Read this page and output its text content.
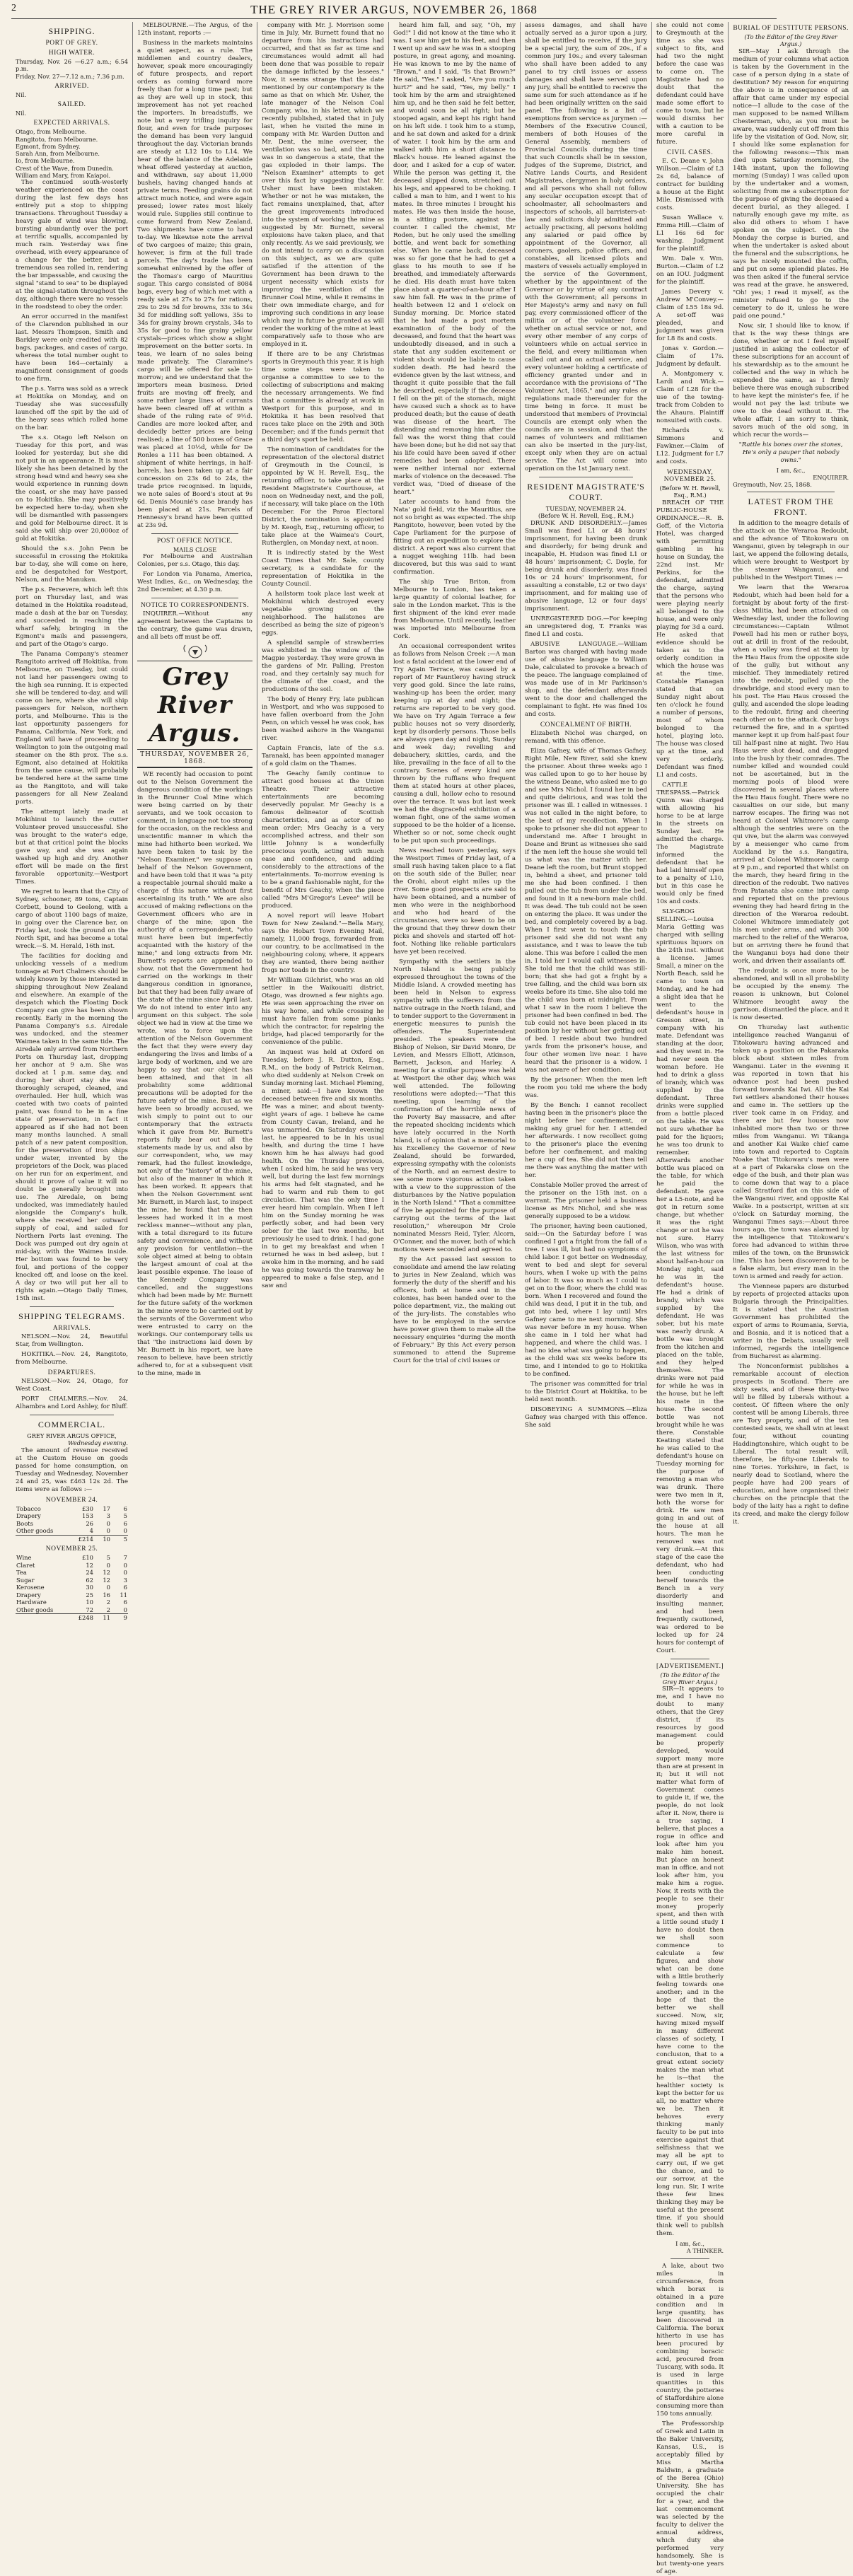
2	THE GREY RIVER ARGUS, NOVEMBER 26, 1868
SHIPPING.
PORT OF GREY.
HIGH WATER.

Thursday, Nov. 26 —6.27 a.m.; 6.54 p.m.

Friday, Nov. 27—7.12 a.m.; 7.36 p.m.

ARRIVED.

Nil.

SAILED.

Nil.

EXPECTED ARRIVALS.

Otago, from Melbourne.

Rangitoto, from Melbourne.

Egmont, from Sydney.

Sarah Ann, from Melbourne.

Io, from Melbourne.

Crest of the Wave, from Dunedin.

William and Mary, from Kaiapoi.

The continued south-westerly weather experienced on the coast during the last few days has entirely put a stop to shipping transactions. Throughout Tuesday a heavy gale of wind was blowing, bursting abundantly over the port at terrific squalls, accompanied by much rain. Yesterday was fine overhead, with every appearance of a change for the better, but a tremendous sea rolled in, rendering the bar impassable, and causing the signal "stand to sea" to be displayed at the signal-station throughout the day, although there were no vessels in the roadstead to obey the order.

An error occurred in the manifest of the Clarendon published in our last. Messrs Thompson, Smith and Barkley were only credited with 82 bags, packages, and cases of cargo, whereas the total number ought to have been 164—certainly a magnificent consignment of goods to one firm.

The p.s. Yarra was sold as a wreck at Hokitika on Monday, and on Tuesday she was successfully launched off the spit by the aid of the heavy seas which rolled home on the bar.

The s.s. Otago left Nelson on Tuesday for this port, and was looked for yesterday, but she did not put in an appearance. It is most likely she has been detained by the strong head wind and heavy sea she would experience in running down the coast, or she may have passed on to Hokitika. She may positively be expected here to-day, when she will be dismantled with passengers and gold for Melbourne direct. It is said she will ship over 20,000oz of gold at Hokitika.

Should the s.s. John Penn be successful in crossing the Hokitika bar to-day, she will come on here, and be despatched for Westport, Nelson, and the Manukau.

The p.s. Persevere, which left this port on Thursday last, and was detained in the Hokitika roadstead, made a dash at the bar on Tuesday, and succeeded in reaching the wharf safely, bringing in the Egmont's mails and passengers, and part of the Otago's cargo.

The Panama Company's steamer Rangitoto arrived off Hokitika, from Melbourne, on Tuesday, but could not land her passengers owing to the high sea running. It is expected she will be tendered to-day, and will come on here, where she will ship passengers for Nelson, northern ports, and Melbourne. This is the last opportunity passengers for Panama, California, New York, and England will have of proceeding to Wellington to join the outgoing mail steamer on the 8th prox. The s.s. Egmont, also detained at Hokitika from the same cause, will probably be tendered here at the same time as the Rangitoto, and will take passengers for all New Zealand ports.

The attempt lately made at Mokihinui to launch the cutter Volunteer proved unsuccessful. She was brought to the water's edge, but at that critical point the blocks gave way, and she was again washed up high and dry. Another effort will be made on the first favorable opportunity.—Westport Times.

We regret to learn that the City of Sydney, schooner, 89 tons, Captain Corbett, bound to Geelong, with a cargo of about 1100 bags of maize, in going over the Clarence bar, on Friday last, took the ground on the North Spit, and has become a total wreck.—S. M. Herald, 16th inst.

The facilities for docking and unlocking vessels of a medium tonnage at Port Chalmers should be widely known by those interested in shipping throughout New Zealand and elsewhere. An example of the despatch which the Floating Dock Company can give has been shown recently. Early in the morning the Panama Company's s.s. Airedale was undocked, and the steamer Waimea taken in the same tide. The Airedale only arrived from Northern Ports on Thursday last, dropping her anchor at 9 a.m. She was docked at 1 p.m. same day, and during her short stay she was thoroughly scraped, cleaned, and overhauled. Her hull, which was coated with two coats of painted paint, was found to be in a fine state of preservation, in fact it appeared as if she had not been many months launched. A small patch of a new patent composition, for the preservation of iron ships under water, invented by the proprietors of the Dock, was placed on her run for an experiment, and should it prove of value it will no doubt be generally brought into use. The Airedale, on being undocked, was immediately hauled alongside the Company's hulk, where she received her outward supply of coal, and sailed for Northern Ports last evening. The Dock was pumped out dry again at mid-day, with the Waimea inside. Her bottom was found to be very foul, and portions of the copper knocked off, and loose on the keel. A day or two will put her all to rights again.—Otago Daily Times, 15th inst.

SHIPPING TELEGRAMS.
ARRIVALS.

NELSON.—Nov. 24, Beautiful Star, from Wellington.

HOKITIKA.—Nov. 24, Rangitoto, from Melbourne.

DEPARTURES.

NELSON.—Nov. 24, Otago, for West Coast.

PORT CHALMERS.—Nov. 24, Alhambra and Lord Ashley, for Bluff.

COMMERCIAL.

GREY RIVER ARGUS OFFICE,

Wednesday evening.

The amount of revenue received at the Custom House on goods passed for home consumption, on Tuesday and Wednesday, November 24 and 25, was £463 12s 2d. The items were as follows :—

NOVEMBER 24.
Tobacco	£30	17	6
Drapery	153	3	5
Boots	26	0	6
Other goods	4	0	0
	£214	10	5
NOVEMBER 25.
Wine	£10	5	7
Claret	12	0	0
Tea	24	12	0
Sugar	62	12	3
Kerosene	30	0	6
Drapery	25	16	11
Hardware	10	2	6
Other goods	72	2	0
	£248	11	9

MELBOURNE.—The Argus, of the 12th instant, reports :—

Business in the markets maintains a quiet aspect, as a rule. The middlemen and country dealers, however, speak more encouragingly of future prospects, and report orders as coming forward more freely than for a long time past; but as they are well up in stock, this improvement has not yet reached the importers. In breadstuffs, we note but a very trifling inquiry for flour, and even for trade purposes the demand has been very languid throughout the day. Victorian brands are steady at L12 10s to L14. We hear of the balance of the Adelaide wheat offered yesterday at auction, and withdrawn, say about 11,000 bushels, having changed hands at private terms. Feeding grains do not attract much notice, and were again pressed; lower rates most likely would rule. Supplies still continue to come forward from New Zealand. Two shipments have come to hand to-day. We likewise note the arrival of two cargoes of maize; this grain, however, is firm at the full trade parcels. The day's trade has been somewhat enlivened by the offer of the Thomas's cargo of Mauritius sugar. This cargo consisted of 8084 bags, every bag of which met with a ready sale at 27s to 27s for rations, 29s to 29s 3d for browns, 33s to 34s 3d for middling soft yellows, 35s to 34s for grainy brown crystals, 34s to 35s for good to fine grainy yellow crystals—prices which show a slight improvement on the better sorts. In teas, we learn of no sales being made privately. The Claramine's cargo will be offered for sale to-morrow; and we understand that the importers mean business. Dried fruits are moving off freely, and some rather large lines of currants have been cleared off at within a shade of the ruling rate of 9½d. Candles are more looked after, and decidedly better prices are being realised; a line of 500 boxes of Grace was placed at 10½d, while for De Ronles a 111 has been obtained. A shipment of white herrings, in half-barrels, has been taken up at a fair concession on 23s 6d to 24s, the trade price recognised. In liquids, we note sales of Boord's stout at 9s 6d. Denis Mounié's case brandy has been placed at 21s. Parcels of Hennessy's brand have been quitted at 23s 9d.

POST OFFICE NOTICE.

MAILS CLOSE

For Melbourne and Australian Colonies, per s.s. Otago, this day.

For London via Panama, America, West Indies, &c., on Wednesday, the 2nd December, at 4.30 p.m.

NOTICE TO CORRESPONDENTS.

INQUIRER.—Without any agreement between the Captains to the contrary, the game was drawn, and all bets off must be off.

Grey River Argus.
THURSDAY, NOVEMBER 26, 1868.

WE recently had occasion to point out to the Nelson Government the dangerous condition of the workings in the Brunner Coal Mine which were being carried on by their servants, and we took occasion to comment, in language not too strong for the occasion, on the reckless and unscientific manner in which the mine had hitherto been worked. We have been taken to task by the "Nelson Examiner," we suppose on behalf of the Nelson Government, and have been told that it was "a pity a respectable journal should make a charge of this nature without first ascertaining its truth." We are also accused of making reflections on the Government officers who are in charge of the mine; upon the authority of a correspondent, "who must have been but imperfectly acquainted with the history of the mine;" and long extracts from Mr. Burnett's reports are appended to show, not that the Government had carried on the workings in their dangerous condition in ignorance, but that they had been fully aware of the state of the mine since April last. We do not intend to enter into any argument on this subject. The sole object we had in view at the time we wrote, was to force upon the attention of the Nelson Government the fact that they were every day endangering the lives and limbs of a large body of workmen, and we are happy to say that our object has been attained, and that in all probability some additional precautions will be adopted for the future safety of the mine. But as we have been so broadly accused, we wish simply to point out to our contemporary that the extracts which it gave from Mr. Burnett's reports fully bear out all the statements made by us, and also by our correspondent, who, we may remark, had the fullest knowledge, not only of the "history" of the mine, but also of the manner in which it has been worked. It appears that when the Nelson Government sent Mr. Burnett, in March last, to inspect the mine, he found that the then lessees had worked it in a most reckless manner—without any plan, with a total disregard to its future safety and convenience, and without any provision for ventilation—the sole object aimed at being to obtain the largest amount of coal at the least possible expense. The lease of the Kennedy Company was cancelled, and the suggestions which had been made by Mr. Burnett for the future safety of the workmen in the mine were to be carried out by the servants of the Government who were entrusted to carry on the workings. Our contemporary tells us that "the instructions laid down by Mr. Burnett in his report, we have reason to believe, have been strictly adhered to, for at a subsequent visit to the mine, made in

company with Mr. J. Morrison some time in July, Mr. Burnett found that no departure from his instructions had occurred, and that as far as time and circumstances would admit all had been done that was possible to repair the damage inflicted by the lessees." Now, it seems strange that the date mentioned by our contemporary is the same as that on which Mr. Usher, the late manager of the Nelson Coal Company, who, in his letter, which we recently published, stated that in July last, when he visited the mine in company with Mr. Warden Dutton and Mr. Dent, the mine overseer, the ventilation was so bad, and the mine was in so dangerous a state, that the gas exploded in their lamps. The "Nelson Examiner" attempts to get over this fact by suggesting that Mr. Usher must have been mistaken. Whether or not he was mistaken, the fact remains unexplained, that, after the great improvements introduced into the system of working the mine as suggested by Mr. Burnett, several explosions have taken place, and that only recently. As we said previously, we do not intend to carry on a discussion on this subject, as we are quite satisfied if the attention of the Government has been drawn to the urgent necessity which exists for improving the ventilation of the Brunner Coal Mine, while it remains in their own immediate charge, and for improving such conditions in any lease which may in future be granted as will render the working of the mine at least comparatively safe to those who are employed in it.

If there are to be any Christmas sports in Greymouth this year, it is high time some steps were taken to organise a committee to see to the collecting of subscriptions and making the necessary arrangements. We find that a committee is already at work in Westport for this purpose, and in Hokitika it has been resolved that races take place on the 29th and 30th December; and if the funds permit that a third day's sport be held.

The nomination of candidates for the representation of the electoral district of Greymouth in the Council, is appointed by W. H. Revell, Esq., the returning officer, to take place at the Resident Magistrate's Courthouse, at noon on Wednesday next, and the poll, if necessary, will take place on the 10th December. For the Paroa Electoral District, the nomination is appointed by M. Keogh, Esq., returning officer, to take place at the Waimea's Court, Rutherglen, on Monday next, at noon.

It is indirectly stated by the West Coast Times that Mr. Sale, county secretary, is a candidate for the representation of Hokitika in the County Council.

A hailstorm took place last week at Mokihinui which destroyed every vegetable growing on the neighborhood. The hailstones are described as being the size of pigeon's eggs.

A splendid sample of strawberries was exhibited in the window of the Magpie yesterday. They were grown in the gardens of Mr. Palling, Preston road, and they certainly say much for the climate of the coast, and the productions of the soil.

The body of Henry Fry, late publican in Westport, and who was supposed to have fallen overboard from the John Penn, on which vessel he was cook, has been washed ashore in the Wanganui river.

Captain Francis, late of the s.s. Taranaki, has been appointed manager of a gold claim on the Thames.

The Geachy family continue to attract good houses at the Union Theatre. Their attractive entertainments are becoming deservedly popular. Mr Geachy is a famous delineator of Scottish characteristics, and as actor of no mean order; Mrs Geachy is a very accomplished actress, and their son little Johnny is a wonderfully precocious youth, acting with much ease and confidence, and adding considerably to the attractions of the entertainments. To-morrow evening is to be a grand fashionable night, for the benefit of Mrs Geachy, when the piece called "Mrs M'Gregor's Levee" will be produced.

A novel report will leave Hobart Town for New Zealand."—Bella Mary, says the Hobart Town Evening Mail, namely, 11,000 frogs, forwarded from our country, to be acclimatised in the neighbouring colony, where, it appears they are wanted, there being neither frogs nor toads in the country.

Mr William Gilchrist, who was an old settler in the Waikouaiti district, Otago, was drowned a few nights ago. He was seen approaching the river on his way home, and while crossing he must have fallen from some planks which the contractor, for repairing the bridge, had placed temporarily for the convenience of the public.

An inquest was held at Oxford on Tuesday, before J. R. Dutton, Esq., R.M., on the body of Patrick Keirnan, who died suddenly at Nelson Creek on Sunday morning last. Michael Fleming, a miner, said:—I have known the deceased between five and six months. He was a miner, and about twenty-eight years of age. I believe he came from County Cavan, Ireland, and he was unmarried. On Saturday evening last, he appeared to be in his usual health, and during the time I have known him he has always had good health. On the Thursday previous, when I asked him, he said he was very well, but during the last few mornings his arms had felt stagnated, and he had to warm and rub them to get circulation. That was the only time I ever heard him complain. When I left him on the Sunday morning he was perfectly sober, and had been very sober for the last two months, but previously he used to drink. I had gone in to get my breakfast and when I returned he was in bed asleep, but I awoke him in the morning, and he said he was going towards the tramway he appeared to make a false step, and I saw and

heard him fall, and say, "Oh, my God!" I did not know at the time who it was. I saw him get to his feet, and then I went up and saw he was in a stooping posture, in great agony, and moaning. He was known to me by the name of "Brown," and I said, "Is that Brown?" He said, "Yes." I asked, "Are you much hurt?" and he said, "Yes, my belly." I took him by the arm and straightened him up, and he then said he felt better, and would soon be all right; but he stooped again, and kept his right hand on his left side. I took him to a stump, and he sat down and asked for a drink of water. I took him by the arm and walked with him a short distance to Black's house. He leaned against the door, and I asked for a cup of water. While the person was getting it, the deceased slipped down, stretched out his legs, and appeared to be choking. I called a man to him, and I went to his mates. In three minutes I brought his mates. He was then inside the house, in a sitting posture, against the counter. I called the chemist, Mr Roden, but he only used the smelling bottle, and went back for something else. When he came back, deceased was so far gone that he had to get a glass to his mouth to see if he breathed, and immediately afterwards he died. His death must have taken place about a quarter-of-an-hour after I saw him fall. He was in the prime of health between 12 and 1 o'clock on Sunday morning. Dr. Morice stated that he had made a post mortem examination of the body of the deceased, and found that the heart was undoubtedly diseased, and in such a state that any sudden excitement or violent shock would be liable to cause sudden death. He had heard the evidence given by the last witness, and thought it quite possible that the fall he described, especially if the decease I fell on the pit of the stomach, might have caused such a shock as to have produced death; but the cause of death was disease of the heart. The distending and removing him after the fall was the worst thing that could have been done; but he did not say that his life could have been saved if other remedies had been adopted. There were neither internal nor external marks of violence on the deceased. The verdict was, "Died of disease of the heart."

Later accounts to hand from the Nata' gold field, viz the Mauritius, are not so bright as was expected. The ship Rangitoto, however, been voted by the Cape Parliament for the purpose of fitting out an expedition to explore the district. A report was also current that a nugget weighing 11lb. had been discovered, but this was said to want confirmation.

The ship True Briton, from Melbourne to London, has taken a large quantity of colonial leather, for sale in the London market. This is the first shipment of the kind ever made from Melbourne. Until recently, leather was imported into Melbourne from Cork.

An occasional correspondent writes as follows from Nelson Creek :—A man lost a fatal accident at the lower end of Try Again Terrace, was caused by a report of Mr Fauntleroy having struck very good gold. Since the late rains, washing-up has been the order, many keeping up at day and night; the returns are reported to be very good. We have on Try Again Terrace a few public houses not so very disorderly, kept by disorderly persons. Those bells are always open day and night, Sunday and week day; revelling and debauchery, skittles, cards, and the like, prevailing in the face of all to the contrary. Scenes of every kind are thrown by the ruffians who frequent them at stated hours at other places, causing a dull, hollow echo to resound over the terrace. It was but last week we had the disgraceful exhibition of a woman fight, one of the same women supposed to be the holder of a license. Whether so or not, some check ought to be put upon such proceedings.

News reached town yesterday, says the Westport Times of Friday last, of a small rush having taken place to a flat on the south side of the Buller, near the Orohi, about eight miles up the river. Some good prospects are said to have been obtained, and a number of men who were in the neighborhood and who had heard of the circumstances, were so keen to be on the ground that they threw down their picks and shovels and started off hot-foot. Nothing like reliable particulars have yet been received.

Sympathy with the settlers in the North Island is being publicly expressed throughout the towns of the Middle Island. A crowded meeting has been held in Nelson to express sympathy with the sufferers from the native outrage in the North Island, and to tender support to the Government in energetic measures to punish the offenders. The Superintendent presided. The speakers were the Bishop of Nelson, Sir David Monro, Dr Levien, and Messrs Elliott, Atkinson, Barnett, Jackson, and Harley. A meeting for a similar purpose was held at Westport the other day, which was well attended. The following resolutions were adopted:—"That this meeting, upon learning of the confirmation of the horrible news of the Poverty Bay massacre, and after the repeated shocking incidents which have lately occurred in the North Island, is of opinion that a memorial to his Excellency the Governor of New Zealand, should be forwarded, expressing sympathy with the colonists of the North, and an earnest desire to see some more vigorous action taken with a view to the suppression of the disturbances by the Native population in the North Island." "That a committee of five be appointed for the purpose of carrying out the terms of the last resolution," whereupon Mr Crole nominated Messrs Reid, Tyler, Alcorn, O'Conner, and the mover, both of which motions were seconded and agreed to.

By the Act passed last session to consolidate and amend the law relating to juries in New Zealand, which was formerly the duty of the sheriff and his officers, both at home and in the colonies, has been handed over to the police department, viz., the making out of the jury-lists. The constables who have to be employed in the service have power given them to make all the necessary enquiries "during the month of February." By this Act every person summoned to attend the Supreme Court for the trial of civil issues or

assess damages, and shall have actually served as a juror upon a jury, shall be entitled to receive, if the jury be a special jury, the sum of 20s., if a common jury 10s.; and every talesman who shall have been added to any panel to try civil issues or assess damages and shall have served upon any jury, shall be entitled to receive the same sum for such attendance as if he had been originally written on the said panel. The following is a list of exemptions from service as jurymen :—Members of the Executive Council, members of both Houses of the General Assembly, members of Provincial Councils during the time that such Councils shall be in session, Judges of the Supreme, District, and Native Lands Courts, and Resident Magistrates, clergymen in holy orders, and all persons who shall not follow any secular occupation except that of schoolmaster, all schoolmasters and inspectors of schools, all barristers-at-law and solicitors duly admitted and actually practising, all persons holding any salaried or paid office by appointment of the Governor, all coroners, gaolers, police officers, and constables, all licensed pilots and masters of vessels actually employed in the service of the Government, whether by the appointment of the Governor or by virtue of any contract with the Government; all persons in Her Majesty's army and navy on full pay, every commissioned officer of the militia or of the volunteer force whether on actual service or not, and every other member of any corps of volunteers while on actual service in the field, and every militiaman when called out and on actual service, and every volunteer holding a certificate of efficiency granted under and in accordance with the provisions of "The Volunteer Act, 1865," and any rules or regulations made thereunder for the time being in force. It must be understood that members of Provincial Councils are exempt only when the councils are in session, and that the names of volunteers and militiamen can also be inserted in the jury-list, except only when they are on actual service. The Act will come into operation on the 1st January next.

RESIDENT MAGISTRATE'S COURT.

TUESDAY, NOVEMBER 24.

(Before W. H. Revell, Esq., R.M.)

DRUNK AND DISORDERLY.—James Small was fined L1 or 48 hours' imprisonment, for having been drunk and disorderly; for being drunk and incapable, H. Hudson was fined L1 or 48 hours' imprisonment; C. Doyle, for being drunk and disorderly, was fined 10s or 24 hours' imprisonment, for assaulting a constable, L2 or two days' imprisonment, and for making use of abusive language, L2 or four days' imprisonment.

UNREGISTERED DOG.—For keeping an unregistered dog, T. Franks was fined L1 and costs.

ABUSIVE LANGUAGE.—William Barton was charged with having made use of abusive language to William Dale, calculated to provoke a breach of the peace. The language complained of was made use of in Mr Parkinson's shop, and the defendant afterwards went to the door and challenged the complainant to fight. He was fined 10s and costs.

CONCEALMENT OF BIRTH.

Elizabeth Nichol was charged, on remand, with this offence.

Eliza Gafney, wife of Thomas Gafney, Right Mile, New River, said she knew the prisoner. About three weeks ago I was called upon to go to her house by the witness Deane, who asked me to go and see Mrs Nichol. I found her in bed and quite delirious, and was told the prisoner was ill. I called in witnesses. I was not called in the night before, to the best of my recollection. When I spoke to prisoner she did not appear to understand me. After I brought in Deane and Brunt as witnesses she said if the men left the house she would tell us what was the matter with her. Deane left the room, but Brunt stopped in, behind a sheet, and prisoner told me she had been confined. I then pulled out the tub from under the bed, and found in it a new-born male child. It was dead. The tub could not be seen on entering the place. It was under the bed, and completely covered by a bag. When I first went to touch the tub prisoner said she did not want any assistance, and I was to leave the tub alone. This was before I called the men in. I told her I would call witnesses in. She told me that the child was still-born; that she had got a fright by a tree falling, and the child was born six weeks before its time. She also told me the child was born at midnight. From what I saw in the room I believe the prisoner had been confined in bed. The tub could not have been placed in its position by her without her getting out of bed. I reside about two hundred yards from the prisoner's house, and four other women live near. I have heard that the prisoner is a widow. I was not aware of her condition.

By the prisoner: When the men left the room you told me where the body was.

By the Bench: I cannot recollect having been in the prisoner's place the night before her confinement, or making any gruel for her. I attended her afterwards. I now recollect going to the prisoner's place the evening before her confinement, and making her a cup of tea. She did not then tell me there was anything the matter with her.

Constable Moller proved the arrest of the prisoner on the 15th inst. on a warrant. The prisoner held a business license as Mrs Nichol, and she was generally supposed to be a widow.

The prisoner, having been cautioned, said:—On the Saturday before I was confined I got a fright from the fall of a tree. I was ill, but had no symptoms of child labor. I got better on Wednesday, went to bed and slept for several hours, when I woke up with the pains of labor. It was so much as I could to get on to the floor, where the child was born. When I recovered and found the child was dead, I put it in the tub, and got into bed, where I lay until Mrs Gafney came to me next morning. She was never before in my house. When she came in I told her what had happened, and where the child was. I had no idea what was going to happen, as the child was six weeks before its time, and I intended to go to Hokitika to be confined.

The prisoner was committed for trial to the District Court at Hokitika, to be held next month.

DISOBEYING A SUMMONS.—Eliza Gafney was charged with this offence. She said

she could not come to Greymouth at the time as she was subject to fits, and had two the night before the case was to come on. The Magistrate had no doubt that the defendant could have made some effort to come to town, but he would dismiss her with a caution to be more careful in future.

CIVIL CASES.

E. C. Deane v. John Willson.—Claim of L3 2s 6d, balance of contract for building a house at the Eight Mile. Dismissed with costs.

Susan Wallace v. Emma Hill.—Claim of L1 16s 6d for washing. Judgment for the plaintiff.

Wm. Dale v. Wm. Burton.—Claim of L2 on an IOU. Judgment for the plaintiff.

James Devery v. Andrew M'Convey.—Claim of L55 18s 9d. A set-off was pleaded, and judgment was given for L8 8s and costs.

Jonas v. Gordon.—Claim of 17s. Judgment by default.

A. Montgomery v. Lardi and Wick.—Claim of L28 for the use of the towing-track from Cobden to the Ahaura. Plaintiff nonsuited with costs.

Richards v. Simmons and Fawkner.—Claim of L12. Judgment for L7 and costs.

WEDNESDAY, NOVEMBER 25.

(Before W. H. Revell, Esq., R.M.)

BREACH OF THE PUBLIC-HOUSE ORDINANCE.—R. B. Goff, of the Victoria Hotel, was charged with permitting gambling in his house on Sunday, the 22nd inst. Mr Perkins, for the defendant, admitted the charge, saying that the persons who were playing nearly all belonged to the house, and were only playing for 3d a card. He asked that evidence should be taken as to the orderly condition in which the house was at the time. Constable Flanagan stated that on Sunday night about ten o'clock he found a number of persons, most of whom belonged to the hotel, playing loto. The house was closed up at the time, and very orderly. Defendant was fined L1 and costs.

CATTLE TRESPASS.—Patrick Quinn was charged with allowing his horse to be at large in the streets on Sunday last. He admitted the charge. The Magistrate informed the defendant that he had laid himself open to a penalty of L10, but in this case he would only be fined 10s and costs.

SLY-GROG SELLING.—Louisa Maria Getting was charged with selling spirituous liquors on the 24th inst. without a license. James Small, a miner on the North Beach, said he came to town on Monday, and he had a slight idea that he went to the defendant's house in Gresson street, in company with his mate. Defendant was standing at the door, and they went in. He had never seen the woman before. He had to drink a glass of brandy, which was supplied by the defendant. Three drinks were supplied from a bottle placed on the table. He was not sure whether he paid for the liquors; he was too drunk to remember. Afterwards another bottle was placed on the table, for which he paid the defendant. He gave her a L5-note, and he got in return some change, but whether it was the right change or not he was not sure. Harry Wilson, who was with the last witness for about half-an-hour on Monday night, said he was in the defendant's house. He had a drink of brandy, which was supplied by the defendant. He was sober, but his mate was nearly drunk. A bottle was brought from the kitchen and placed on the table, and they helped themselves. The drinks were not paid for while he was in the house, but he left his mate in the house. The second bottle was not brought while he was there. Constable Keating stated that he was called to the defendant's house on Tuesday morning for the purpose of removing a man who was drunk. There were two men in it, both the worse for drink. He saw men going in and out of the house at all hours. The man he removed was not very drunk.—At this stage of the case the defendant, who had been conducting herself towards the Bench in a very disorderly and insulting manner, and had been frequently cautioned, was ordered to be locked up for 24 hours for contempt of Court.

[ADVERTISEMENT.]

(To the Editor of the Grey River Argus.)

SIR—It appears to me, and I have no doubt to many others, that the Grey district, if its resources by good management could be properly developed, would support many more than are at present in it; but it will not matter what form of Government comes to guide it, if we, the people, do not look after it. Now, there is a true saying, I believe, that places a rogue in office and look after him you make him honest. But place an honest man in office, and not look after him, you make him a rogue. Now, it rests with the people to see their money properly spent, and then with a little sound study I have no doubt then we shall soon commence to calculate a few figures, and show what can be done with a little brotherly feeling towards one another; and in the hope of that the better we shall succeed. Now, sir, having mixed myself in many different classes of society, I have come to the conclusion, that to a great extent society makes the man what he is—that the healthier society is kept the better for us all, no matter where we be. Then it behoves every thinking manly faculty to be put into exercise against that selfishness that we may all be apt to carry out, if we get the chance, and to our sorrow, at the long run. Sir, I write these few lines thinking they may be useful at the present time, if you should think well to publish them.

I am, &c.,

A THINKER.

A lake, about two miles in circumference, from which borax is obtained in a pure condition and in large quantity, has been discovered in California. The borax hitherto in use has been procured by combining boracic acid, procured from Tuscany, with soda. It is used in large quantities in this country, the potteries of Staffordshire alone consuming more than 150 tons annually.

The Professorship of Greek and Latin in the Baker University, Kansas, U.S., is acceptably filled by Miss Martha Baldwin, a graduate of the Berea (Ohio) University. She has occupied the chair for a year, and the last commencement was selected by the faculty to deliver the annual address, which duty she performed very handsomely. She is but twenty-one years of age.

BURIAL OF DESTITUTE PERSONS.

(To the Editor of the Grey River Argus.)

SIR—May I ask through the medium of your columns what action is taken by the Government in the case of a person dying in a state of destitution? My reason for enquiring the above is in consequence of an affair that came under my especial notice—I allude to the case of the man supposed to be named William Chesterman, who, as you must be aware, was suddenly cut off from this life by the visitation of God. Now, sir, I should like some explanation for the following reasons:—This man died upon Saturday morning, the 14th instant, upon the following morning (Sunday) I was called upon by the undertaker and a woman, soliciting from me a subscription for the purpose of giving the deceased a decent burial, as they alleged. I naturally enough gave my mite, as also did others to whom I have spoken on the subject. On the Monday the corpse is buried, and when the undertaker is asked about the funeral and the subscriptions, he says he nicely mounted the coffin, and put on some splendid plates. He was then asked if the funeral service was read at the grave, he answered, "Oh! yes; I read it myself, as the minister refused to go to the cemetery to do it, unless he were paid one pound."

Now, sir, I should like to know, if that is the way these things are done, whether or not I feel myself justified in asking the collector of these subscriptions for an account of his stewardship as to the amount he collected and the way in which he expended the same, as I firmly believe there was enough subscribed to have kept the minister's fee, if he would not pay the last tribute we owe to the dead without it. The whole affair, I am sorry to think, savors much of the old song, in which recur the words—

"Rattle his bones over the stones,
He's only a pauper that nobody owns."

I am, &c.,

ENQUIRER.

Greymouth, Nov. 25, 1868.

LATEST FROM THE FRONT.

In addition to the meagre details of the attack on the Weraroa Redoubt, and the advance of Titokowaru on Wanganui, given by telegraph in our last, we append the following details, which were brought to Westport by the steamer Wanganui, and published in the Westport Times :—

We learn that the Weraroa Redoubt, which had been held for a fortnight by about forty of the first-class Militia, had been attacked on Wednesday last, under the following circumstances:—Captain Wilmot Powell had his men or rather boys, out at drill in front of the redoubt, when a volley was fired at them by the Hau Haus from the opposite side of the gully, but without any mischief. They immediately retired into the redoubt, pulled up the drawbridge, and stood every man to his post. The Hau Haus crossed the gully, and ascended the slope leading to the redoubt, firing and cheering each other on to the attack. Our boys returned the fire, and in a spirited manner kept it up from half-past four till half-past nine at night. Two Hau Haus were shot dead, and dragged into the bush by their comrades. The number killed and wounded could not be ascertained, but in the morning pools of blood were discovered in several places where the Hau Haus fought. There were no casualties on our side, but many narrow escapes. The firing was not heard at Colonel Whitmore's camp although the sentries were on the qui vive, but the alarm was conveyed by a messenger who came from Auckland by the s.s. Rangatira, arrived at Colonel Whitmore's camp at 9 p.m., and reported that whilst on the march, they heard firing in the direction of the redoubt. Two natives from Patanata also came into camp and reported that on the previous evening they had heard firing in the direction of the Weraroa redoubt. Colonel Whitmore immediately got his men under arms, and with 300 marched to the relief of the Weraroa, but on arriving there he found that the Wanganui boys had done their work, and driven their assailants off.

The redoubt is once more to be abandoned, and will in all probability be occupied by the enemy. The reason is unknown, but Colonel Whitmore brought away the garrison, dismantled the place, and it is now deserted.

On Thursday last authentic intelligence reached Wanganui of Titokowaru having advanced and taken up a position on the Pakaraka block about sixteen miles from Wanganui. Later in the evening it was reported in town that his advance post had been pushed forward towards Kai Iwi. All the Kai Iwi settlers abandoned their houses and came in. The settlers up the river took came in on Friday, and there are but few houses now inhabited more than two or three miles from Wanganui. Wi Tikanga and another Kai Waike chief came into town and reported to Captain Noake that Titokowaru's men were at a part of Pakaraka close on the edge of the bush, and their plan was to come down that way to a place called Stratford flat on this side of the Wanganui river, and opposite Kai Waike. In a postscript, written at six o'clock on Saturday morning, the Wanganui Times says:—About three hours ago, the town was alarmed by the intelligence that Titokowaru's force had advanced to within three miles of the town, on the Brunswick line. This has been discovered to be a false alarm, but every man in the town is armed and ready for action.

The Viennese papers are disturbed by reports of projected attacks upon Bulgaria through the Principalities. It is stated that the Austrian Government has prohibited the export of arms to Roumania, Servia, and Bosnia, and it is noticed that a writer in the Debats, usually well informed, regards the intelligence from Bucharest as alarming.

The Nonconformist publishes a remarkable account of election prospects in Scotland. There are sixty seats, and of these thirty-two will be filled by Liberals without a contest. Of fifteen where the only contest will be among Liberals, three are Tory property, and of the ten contested seats, we shall win at least four, without counting Haddingtonshire, which ought to be Liberal. The total result will, therefore, be fifty-one Liberals to nine Tories. Yorkshire, in fact, is nearly dead to Scotland, where the people have had 200 years of education, and have organised their churches on the principle that the body of the laity has a right to define its creed, and make the clergy follow it.
